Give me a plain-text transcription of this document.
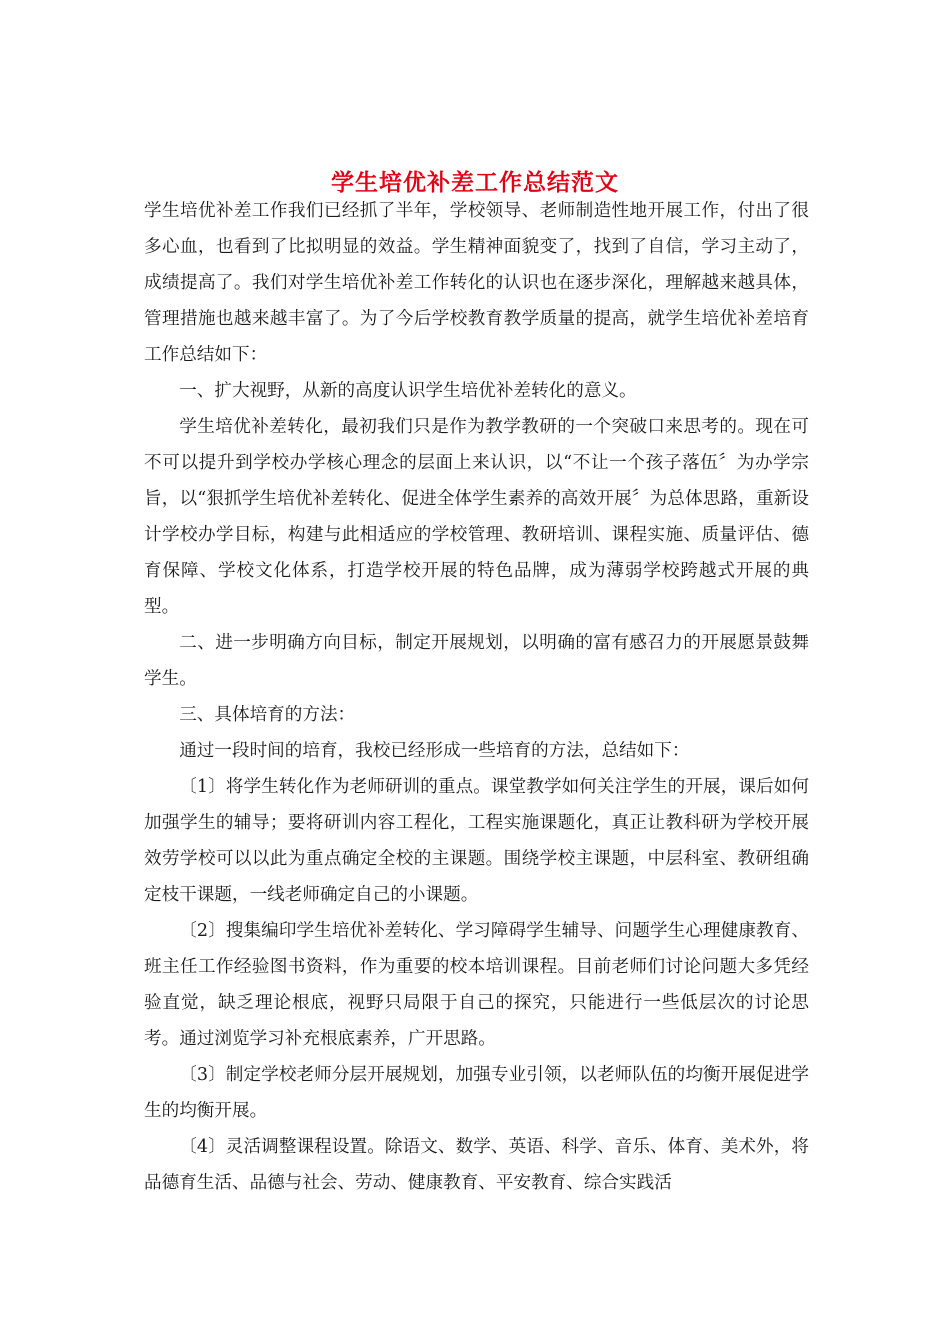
学生培优补差工作总结范文

学生培优补差工作我们已经抓了半年，学校领导、老师制造性地开展工作，付出了很多心血，也看到了比拟明显的效益。学生精神面貌变了，找到了自信，学习主动了，成绩提高了。我们对学生培优补差工作转化的认识也在逐步深化，理解越来越具体，管理措施也越来越丰富了。为了今后学校教育教学质量的提高，就学生培优补差培育工作总结如下：

一、扩大视野，从新的高度认识学生培优补差转化的意义。

学生培优补差转化，最初我们只是作为教学教研的一个突破口来思考的。现在可不可以提升到学校办学核心理念的层面上来认识，以“不让一个孩子落伍〞为办学宗旨，以“狠抓学生培优补差转化、促进全体学生素养的高效开展〞为总体思路，重新设计学校办学目标，构建与此相适应的学校管理、教研培训、课程实施、质量评估、德育保障、学校文化体系，打造学校开展的特色品牌，成为薄弱学校跨越式开展的典型。

二、进一步明确方向目标，制定开展规划，以明确的富有感召力的开展愿景鼓舞学生。

三、具体培育的方法：

通过一段时间的培育，我校已经形成一些培育的方法，总结如下：

〔1〕将学生转化作为老师研训的重点。课堂教学如何关注学生的开展，课后如何加强学生的辅导；要将研训内容工程化，工程实施课题化，真正让教科研为学校开展效劳学校可以以此为重点确定全校的主课题。围绕学校主课题，中层科室、教研组确定枝干课题，一线老师确定自己的小课题。

〔2〕搜集编印学生培优补差转化、学习障碍学生辅导、问题学生心理健康教育、班主任工作经验图书资料，作为重要的校本培训课程。目前老师们讨论问题大多凭经验直觉，缺乏理论根底，视野只局限于自己的探究，只能进行一些低层次的讨论思考。通过浏览学习补充根底素养，广开思路。

〔3〕制定学校老师分层开展规划，加强专业引领，以老师队伍的均衡开展促进学生的均衡开展。

〔4〕灵活调整课程设置。除语文、数学、英语、科学、音乐、体育、美术外，将品德育生活、品德与社会、劳动、健康教育、平安教育、综合实践活
